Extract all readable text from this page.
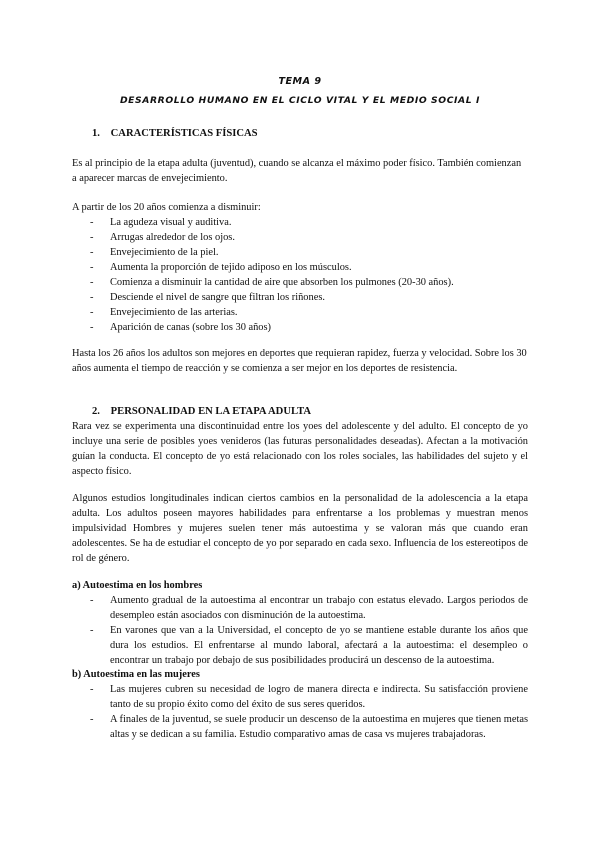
TEMA 9
DESARROLLO HUMANO EN EL CICLO VITAL Y EL MEDIO SOCIAL I
1. CARACTERÍSTICAS FÍSICAS
Es al principio de la etapa adulta (juventud), cuando se alcanza el máximo poder físico. También comienzan a aparecer marcas de envejecimiento.
A partir de los 20 años comienza a disminuir:
- La agudeza visual y auditiva.
- Arrugas alrededor de los ojos.
- Envejecimiento de la piel.
- Aumenta la proporción de tejido adiposo en los músculos.
- Comienza a disminuir la cantidad de aire que absorben los pulmones (20-30 años).
- Desciende el nivel de sangre que filtran los riñones.
- Envejecimiento de las arterias.
- Aparición de canas (sobre los 30 años)
Hasta los 26 años los adultos son mejores en deportes que requieran rapidez, fuerza y velocidad. Sobre los 30 años aumenta el tiempo de reacción y se comienza a ser mejor en los deportes de resistencia.
2. PERSONALIDAD EN LA ETAPA ADULTA
Rara vez se experimenta una discontinuidad entre los yoes del adolescente y del adulto. El concepto de yo incluye una serie de posibles yoes venideros (las futuras personalidades deseadas). Afectan a la motivación guían la conducta. El concepto de yo está relacionado con los roles sociales, las habilidades del sujeto y el aspecto físico.
Algunos estudios longitudinales indican ciertos cambios en la personalidad de la adolescencia a la etapa adulta. Los adultos poseen mayores habilidades para enfrentarse a los problemas y muestran menos impulsividad Hombres y mujeres suelen tener más autoestima y se valoran más que cuando eran adolescentes. Se ha de estudiar el concepto de yo por separado en cada sexo. Influencia de los estereotipos de rol de género.
a) Autoestima en los hombres
- Aumento gradual de la autoestima al encontrar un trabajo con estatus elevado. Largos periodos de desempleo están asociados con disminución de la autoestima.
- En varones que van a la Universidad, el concepto de yo se mantiene estable durante los años que dura los estudios. El enfrentarse al mundo laboral, afectará a la autoestima: el desempleo o encontrar un trabajo por debajo de sus posibilidades producirá un descenso de la autoestima.
b) Autoestima en las mujeres
- Las mujeres cubren su necesidad de logro de manera directa e indirecta. Su satisfacción proviene tanto de su propio éxito como del éxito de sus seres queridos.
- A finales de la juventud, se suele producir un descenso de la autoestima en mujeres que tienen metas altas y se dedican a su familia. Estudio comparativo amas de casa vs mujeres trabajadoras.
